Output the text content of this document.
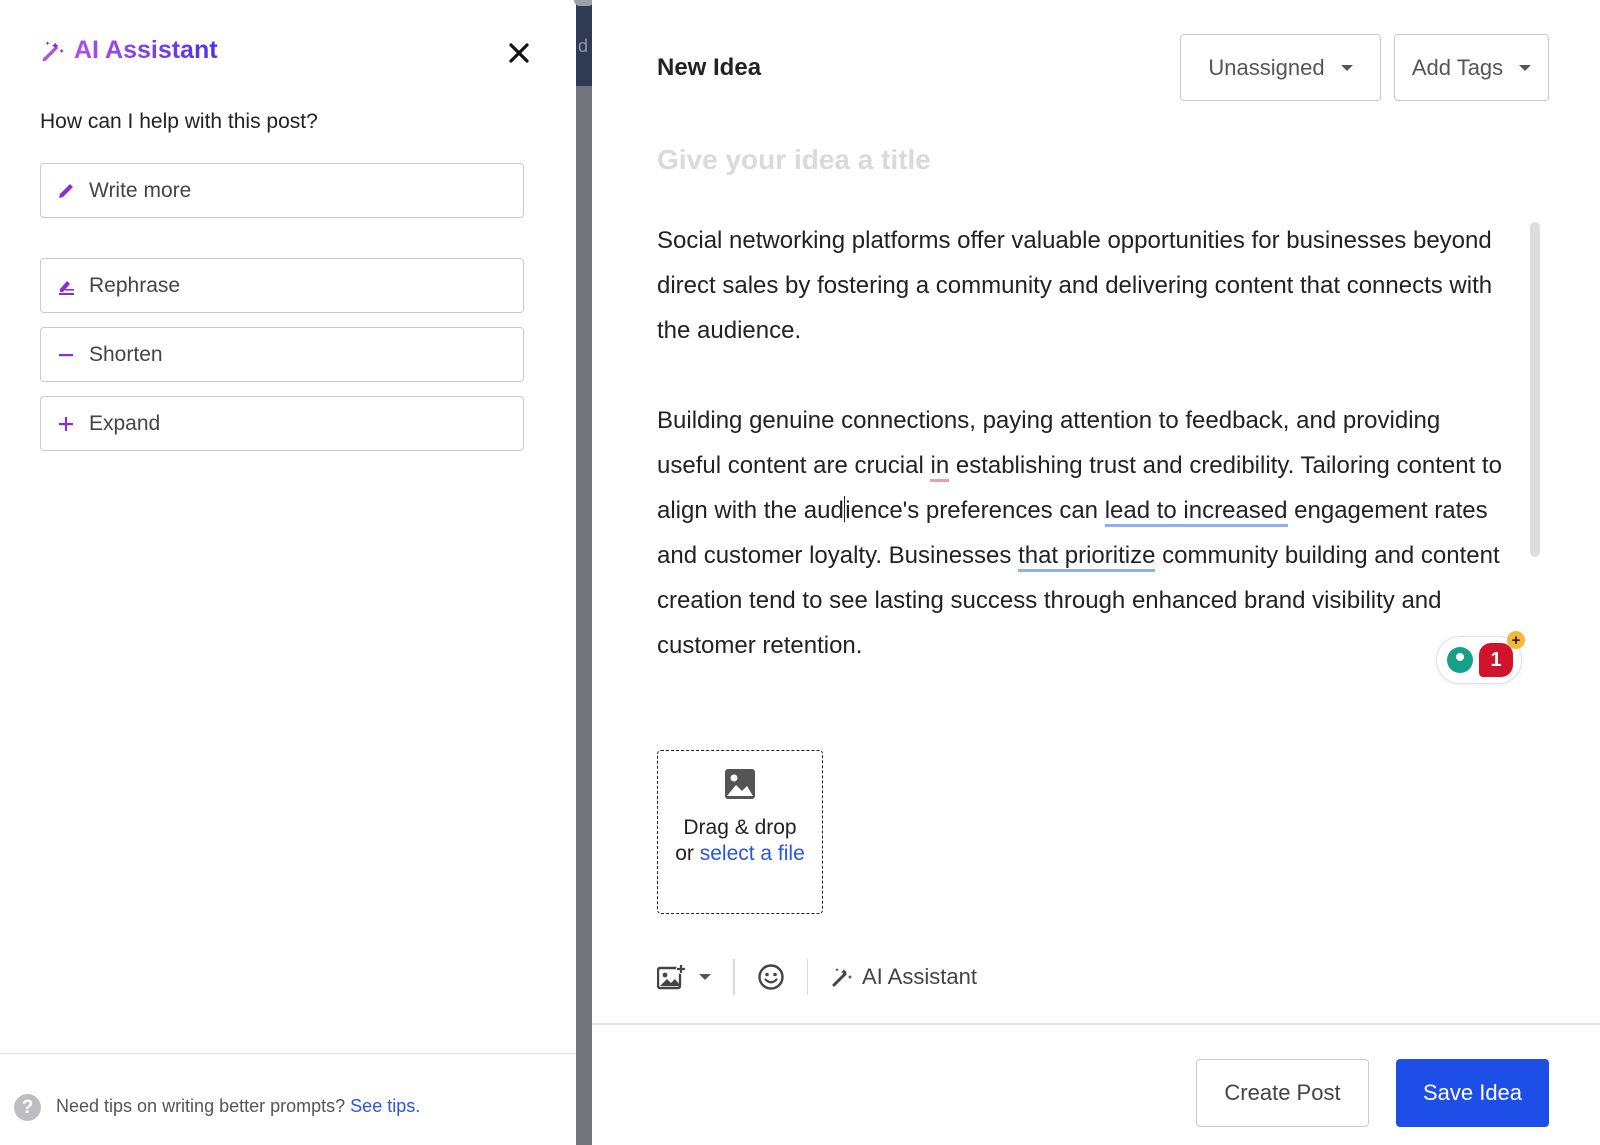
AI Assistant
How can I help with this post?
Write more
Rephrase
Shorten
Expand
?	Need tips on writing better prompts? See tips.
d
New Idea	Unassigned	Add Tags
Give your idea a title

Social networking platforms offer valuable opportunities for businesses beyond direct sales by fostering a community and delivering content that connects with the audience.

Building genuine connections, paying attention to feedback, and providing useful content are crucial in establishing trust and credibility. Tailoring content to align with the audience's preferences can lead to increased engagement rates and customer loyalty. Businesses that prioritize community building and content creation tend to see lasting success through enhanced brand visibility and customer retention.

1
+
Drag & drop
or select a file
AI Assistant
Create Post	Save Idea
